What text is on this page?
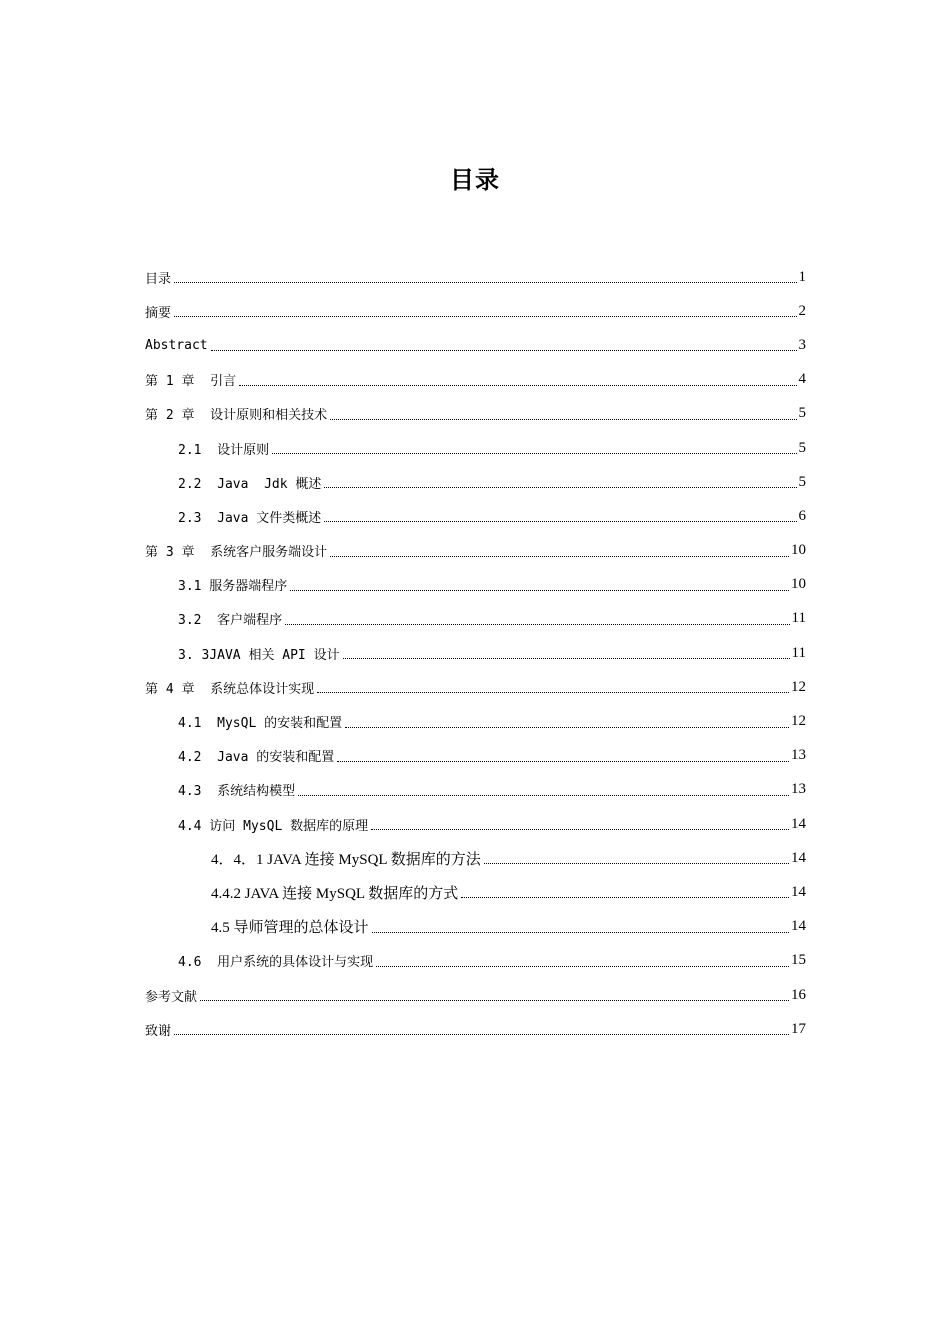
目录
目录	1
摘要	2
Abstract	3
第 1 章  引言	4
第 2 章  设计原则和相关技术	5
2.1  设计原则	5
2.2  Java  Jdk 概述	5
2.3  Java 文件类概述	6
第 3 章  系统客户服务端设计	10
3.1 服务器端程序	10
3.2  客户端程序	11
3. 3JAVA 相关 API 设计	11
第 4 章  系统总体设计实现	12
4.1  MysQL 的安装和配置	12
4.2  Java 的安装和配置	13
4.3  系统结构模型	13
4.4 访问 MysQL 数据库的原理	14
4．4．1 JAVA 连接 MySQL 数据库的方法	14
4.4.2 JAVA 连接 MySQL 数据库的方式	14
4.5 导师管理的总体设计	14
4.6  用户系统的具体设计与实现	15
参考文献	16
致谢	17
